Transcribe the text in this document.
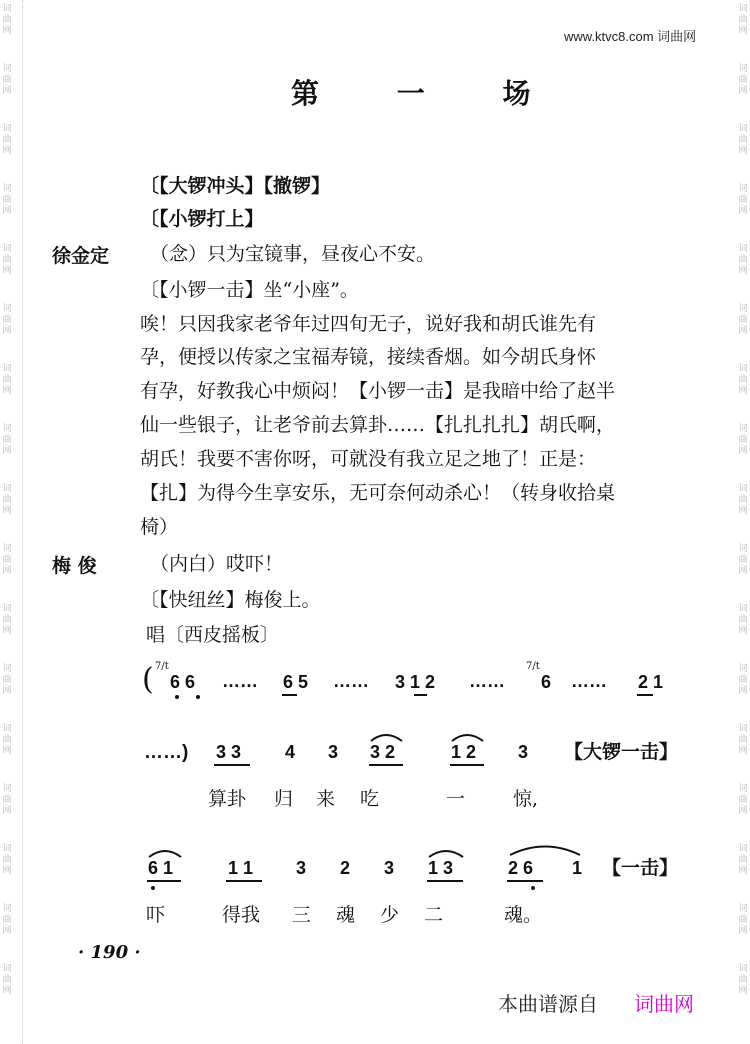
词
曲
网
词
曲
网
词
曲
网
词
曲
网
词
曲
网
词
曲
网
词
曲
网
词
曲
网
词
曲
网
词
曲
网
词
曲
网
词
曲
网
词
曲
网
词
曲
网
词
曲
网
词
曲
网
词
曲
网
词
曲
网
词
曲
网
词
曲
网
词
曲
网
词
曲
网
词
曲
网
词
曲
网
词
曲
网
词
曲
网
词
曲
网
词
曲
网
词
曲
网
词
曲
网
词
曲
网
词
曲
网
词
曲
网
词
曲
网
www.ktvc8.com 词曲网
第 一 场
〔【大锣冲头】【撤锣】
〔【小锣打上】
徐金定 （念）只为宝镜事，昼夜心不安。
〔【小锣一击】坐“小座”。
唉！只因我家老爷年过四旬无子，说好我和胡氏谁先有
孕，便授以传家之宝福寿镜，接续香烟。如今胡氏身怀
有孕，好教我心中烦闷！【小锣一击】是我暗中给了赵半
仙一些银子，让老爷前去算卦……【扎扎扎扎】胡氏啊，
胡氏！我要不害你呀，可就没有我立足之地了！正是：
【扎】为得今生享安乐，无可奈何动杀心！（转身收拾桌
椅）
梅 俊	（内白）哎吓！
〔【快纽丝】梅俊上。
唱〔西皮摇板〕
( 7/t
6 6 …… 6 5 …… 3 1 2 ……
7/t
6 …… 2 1
……) 3 3 4 3 3 2	1 2 3 【大锣一击】
算卦 归 来 吃	一	惊,
6 1	1 1 3 2 3 1 3	2 6 1 【一击】
吓	得我 三 魂 少 二	魂。
· 190 ·
本曲谱源自 词曲网
